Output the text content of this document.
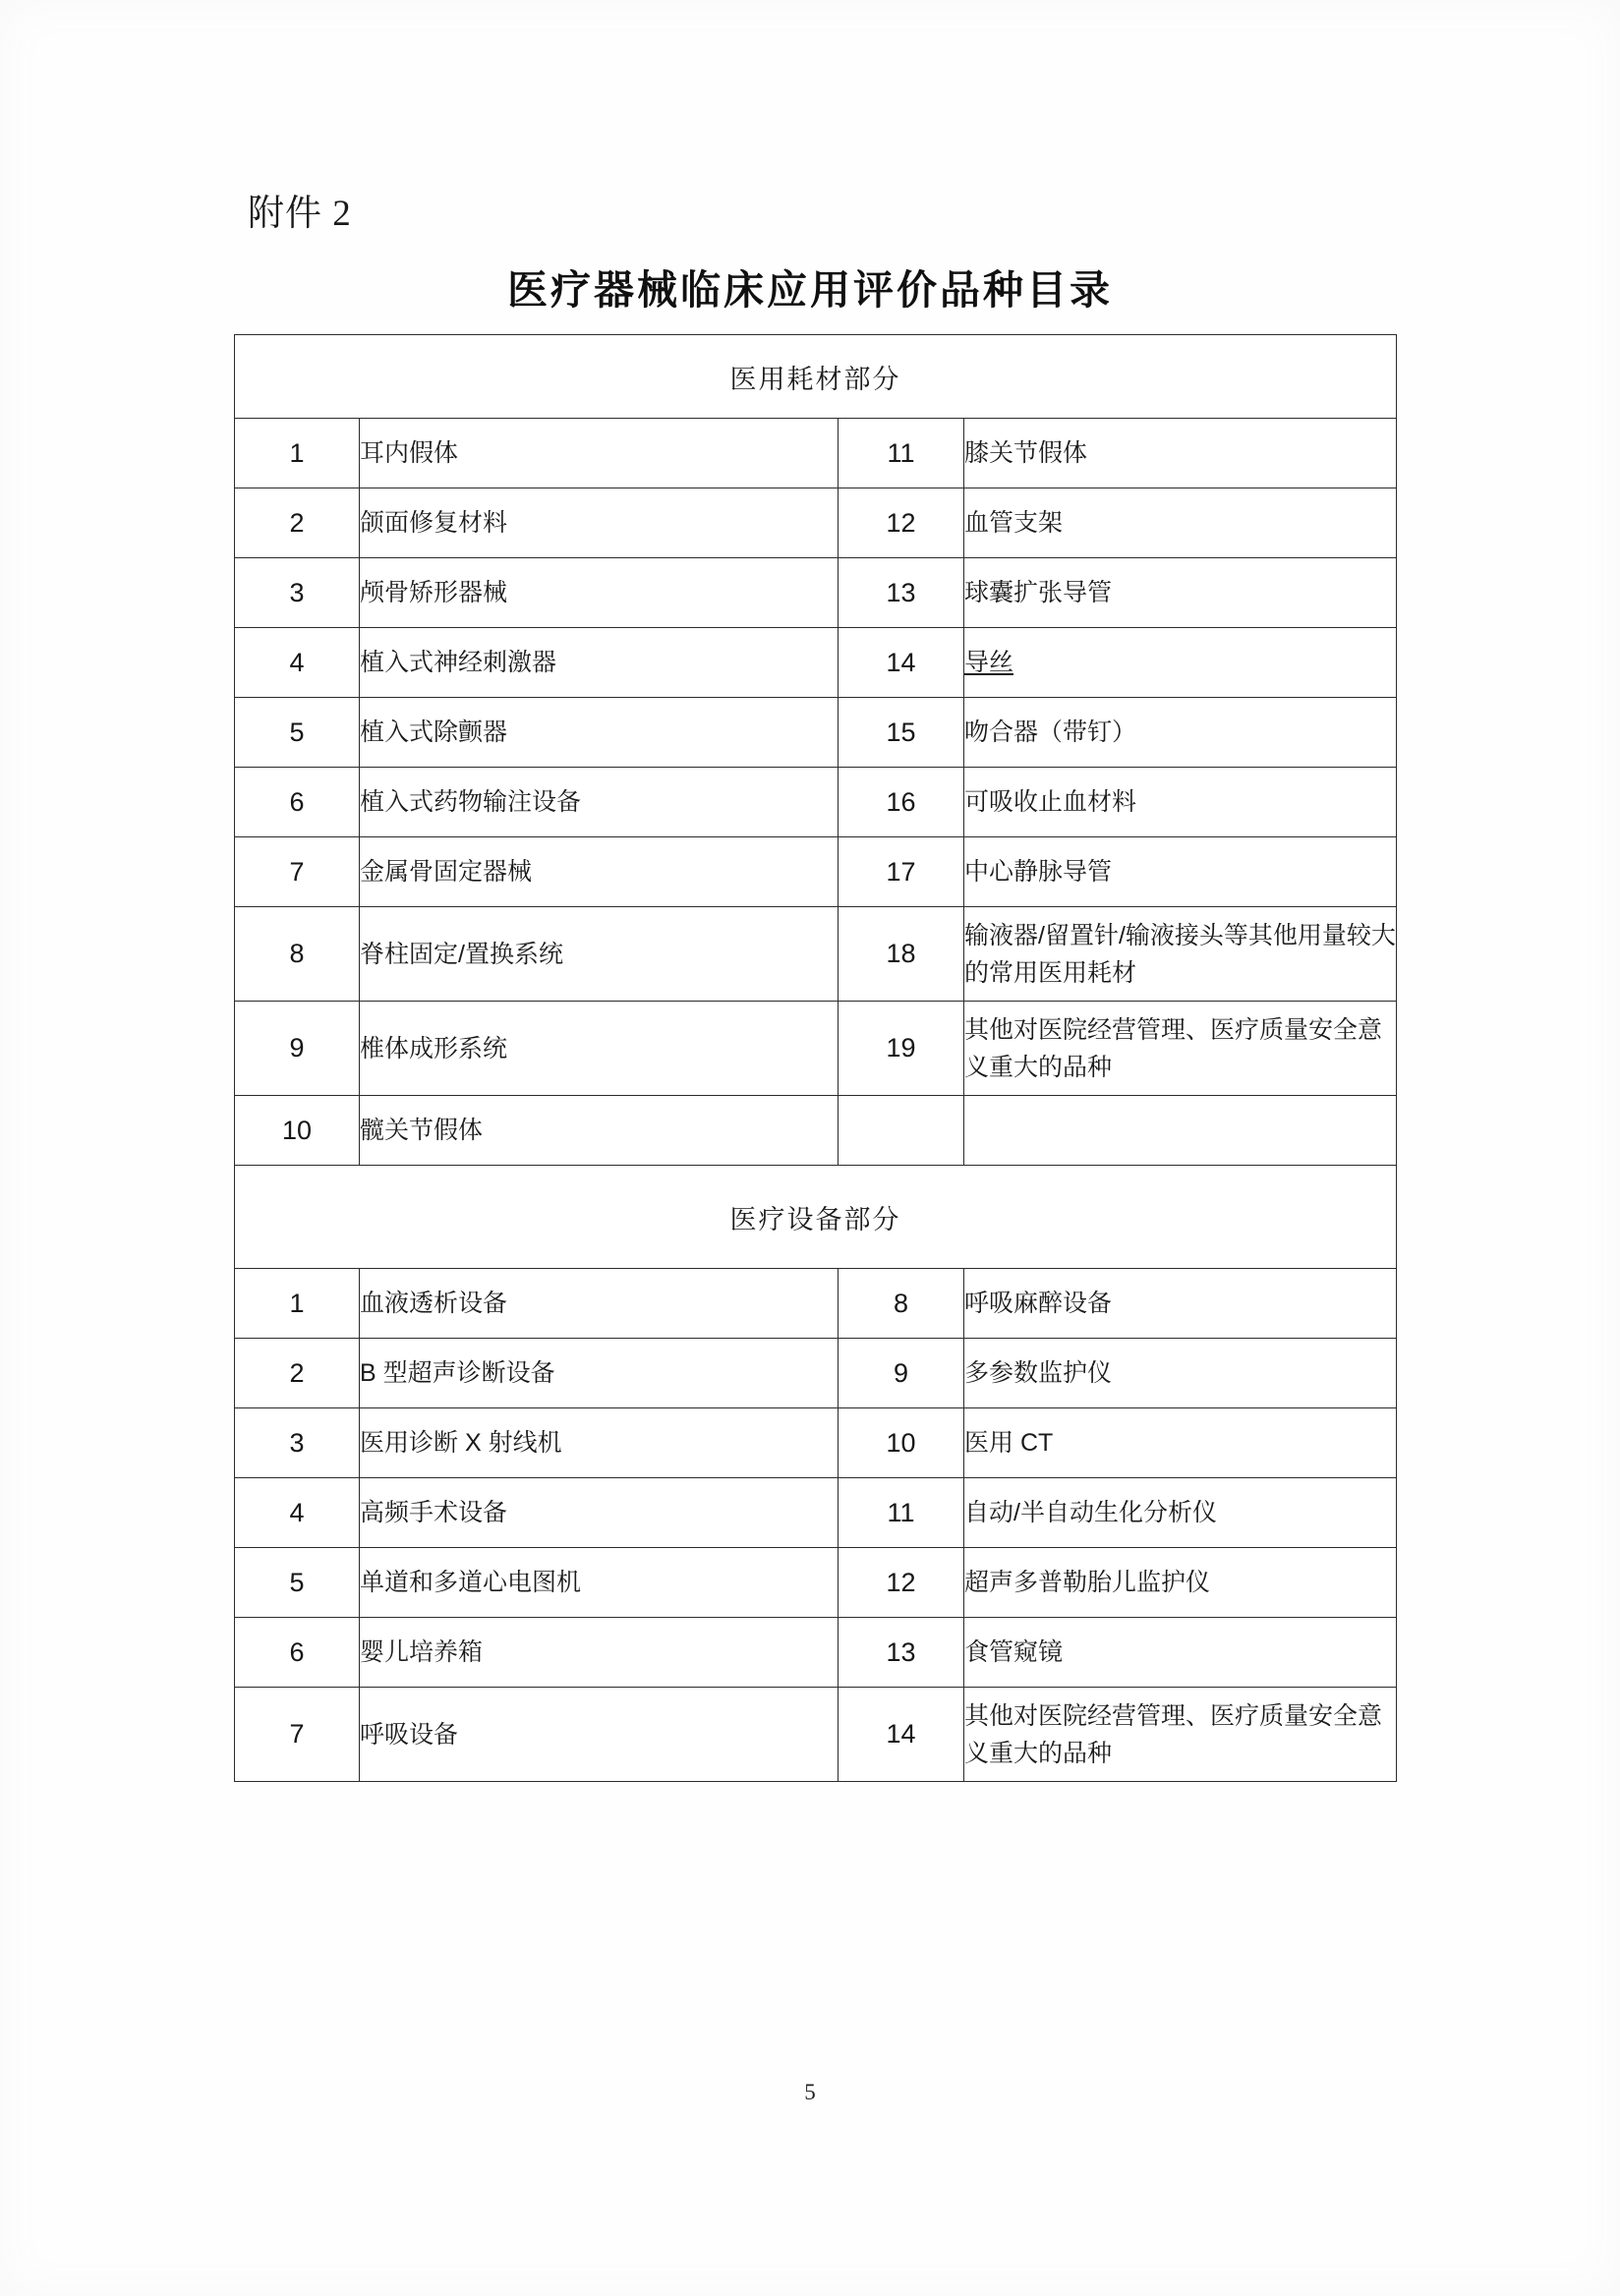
附件 2
医疗器械临床应用评价品种目录
医用耗材部分			
1	耳内假体	11	膝关节假体

2	颌面修复材料	12	血管支架

3	颅骨矫形器械	13	球囊扩张导管

4	植入式神经刺激器	14	导丝

5	植入式除颤器	15	吻合器（带钉）

6	植入式药物输注设备	16	可吸收止血材料

7	金属骨固定器械	17	中心静脉导管

8	脊柱固定/置换系统	18	输液器/留置针/输液接头等其他用量较大的常用医用耗材

9	椎体成形系统	19	其他对医院经营管理、医疗质量安全意义重大的品种

10	髋关节假体		

医疗设备部分			
1	血液透析设备	8	呼吸麻醉设备

2	B 型超声诊断设备	9	多参数监护仪

3	医用诊断 X 射线机	10	医用 CT

4	高频手术设备	11	自动/半自动生化分析仪

5	单道和多道心电图机	12	超声多普勒胎儿监护仪

6	婴儿培养箱	13	食管窥镜

7	呼吸设备	14	其他对医院经营管理、医疗质量安全意义重大的品种
5
